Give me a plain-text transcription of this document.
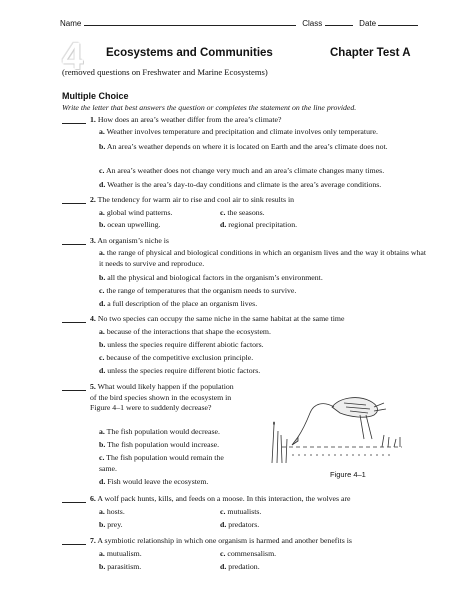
Name	Class	Date
4 Ecosystems and Communities	Chapter Test A
(removed questions on Freshwater and Marine Ecosystems)
Multiple Choice
Write the letter that best answers the question or completes the statement on the line provided.
1. How does an area’s weather differ from the area’s climate?
a. Weather involves temperature and precipitation and climate involves only temperature.
b. An area’s weather depends on where it is located on Earth and the area’s climate does not.
c. An area’s weather does not change very much and an area’s climate changes many times.
d. Weather is the area’s day-to-day conditions and climate is the area’s average conditions.
2. The tendency for warm air to rise and cool air to sink results in
a. global wind patterns.
b. ocean upwelling.
c. the seasons.
d. regional precipitation.
3. An organism’s niche is
a. the range of physical and biological conditions in which an organism lives and the way it obtains what it needs to survive and reproduce.
b. all the physical and biological factors in the organism’s environment.
c. the range of temperatures that the organism needs to survive.
d. a full description of the place an organism lives.
4. No two species can occupy the same niche in the same habitat at the same time
a. because of the interactions that shape the ecosystem.
b. unless the species require different abiotic factors.
c. because of the competitive exclusion principle.
d. unless the species require different biotic factors.
5. What would likely happen if the population of the bird species shown in the ecosystem in Figure 4–1 were to suddenly decrease?
a. The fish population would decrease.
b. The fish population would increase.
c. The fish population would remain the same.
d. Fish would leave the ecosystem.
Figure 4–1
6. A wolf pack hunts, kills, and feeds on a moose. In this interaction, the wolves are
a. hosts.
b. prey.
c. mutualists.
d. predators.
7. A symbiotic relationship in which one organism is harmed and another benefits is
a. mutualism.
b. parasitism.
c. commensalism.
d. predation.
